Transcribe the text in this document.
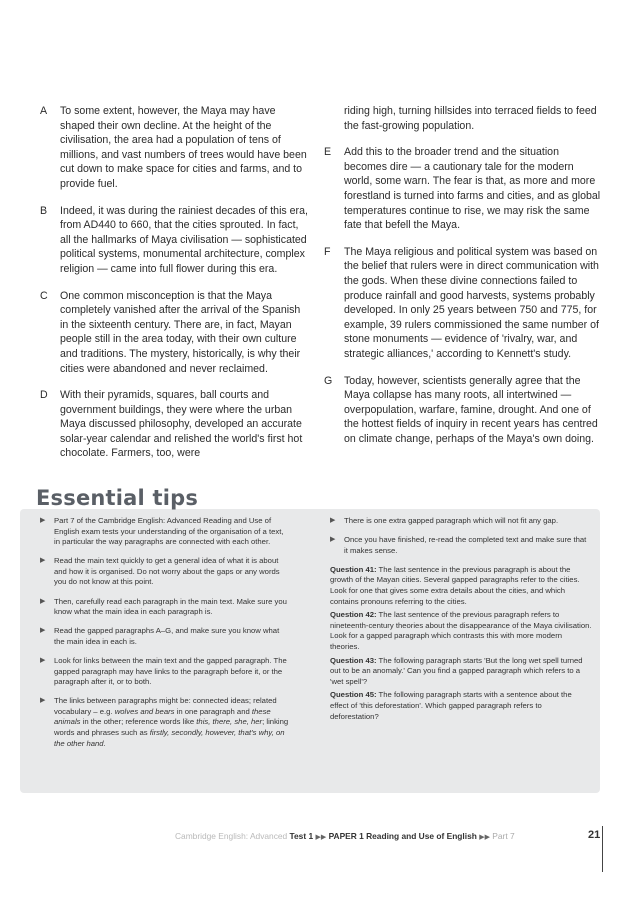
A	To some extent, however, the Maya may have shaped their own decline. At the height of the civilisation, the area had a population of tens of millions, and vast numbers of trees would have been cut down to make space for cities and farms, and to provide fuel.
B	Indeed, it was during the rainiest decades of this era, from AD440 to 660, that the cities sprouted. In fact, all the hallmarks of Maya civilisation — sophisticated political systems, monumental architecture, complex religion — came into full flower during this era.
C	One common misconception is that the Maya completely vanished after the arrival of the Spanish in the sixteenth century. There are, in fact, Mayan people still in the area today, with their own culture and traditions. The mystery, historically, is why their cities were abandoned and never reclaimed.
D	With their pyramids, squares, ball courts and government buildings, they were where the urban Maya discussed philosophy, developed an accurate solar-year calendar and relished the world's first hot chocolate. Farmers, too, were
riding high, turning hillsides into terraced fields to feed the fast-growing population.
E	Add this to the broader trend and the situation becomes dire — a cautionary tale for the modern world, some warn. The fear is that, as more and more forestland is turned into farms and cities, and as global temperatures continue to rise, we may risk the same fate that befell the Maya.
F	The Maya religious and political system was based on the belief that rulers were in direct communication with the gods. When these divine connections failed to produce rainfall and good harvests, systems probably developed. In only 25 years between 750 and 775, for example, 39 rulers commissioned the same number of stone monuments — evidence of 'rivalry, war, and strategic alliances,' according to Kennett's study.
G	Today, however, scientists generally agree that the Maya collapse has many roots, all intertwined — overpopulation, warfare, famine, drought. And one of the hottest fields of inquiry in recent years has centred on climate change, perhaps of the Maya's own doing.
Essential tips
▶	Part 7 of the Cambridge English: Advanced Reading and Use of English exam tests your understanding of the organisation of a text, in particular the way paragraphs are connected with each other.
▶	Read the main text quickly to get a general idea of what it is about and how it is organised. Do not worry about the gaps or any words you do not know at this point.
▶	Then, carefully read each paragraph in the main text. Make sure you know what the main idea in each paragraph is.
▶	Read the gapped paragraphs A–G, and make sure you know what the main idea in each is.
▶	Look for links between the main text and the gapped paragraph. The gapped paragraph may have links to the paragraph before it, or the paragraph after it, or to both.
▶	The links between paragraphs might be: connected ideas; related vocabulary – e.g. wolves and bears in one paragraph and these animals in the other; reference words like this, there, she, her; linking words and phrases such as firstly, secondly, however, that's why, on the other hand.
▶	There is one extra gapped paragraph which will not fit any gap.
▶	Once you have finished, re-read the completed text and make sure that it makes sense.
Question 41: The last sentence in the previous paragraph is about the growth of the Mayan cities. Several gapped paragraphs refer to the cities. Look for one that gives some extra details about the cities, and which contains pronouns referring to the cities.
Question 42: The last sentence of the previous paragraph refers to nineteenth-century theories about the disappearance of the Maya civilisation. Look for a gapped paragraph which contrasts this with more modern theories.
Question 43: The following paragraph starts 'But the long wet spell turned out to be an anomaly.' Can you find a gapped paragraph which refers to a 'wet spell'?
Question 45: The following paragraph starts with a sentence about the effect of 'this deforestation'. Which gapped paragraph refers to deforestation?
Cambridge English: Advanced Test 1 ▶▶ PAPER 1 Reading and Use of English ▶▶ Part 7	21
